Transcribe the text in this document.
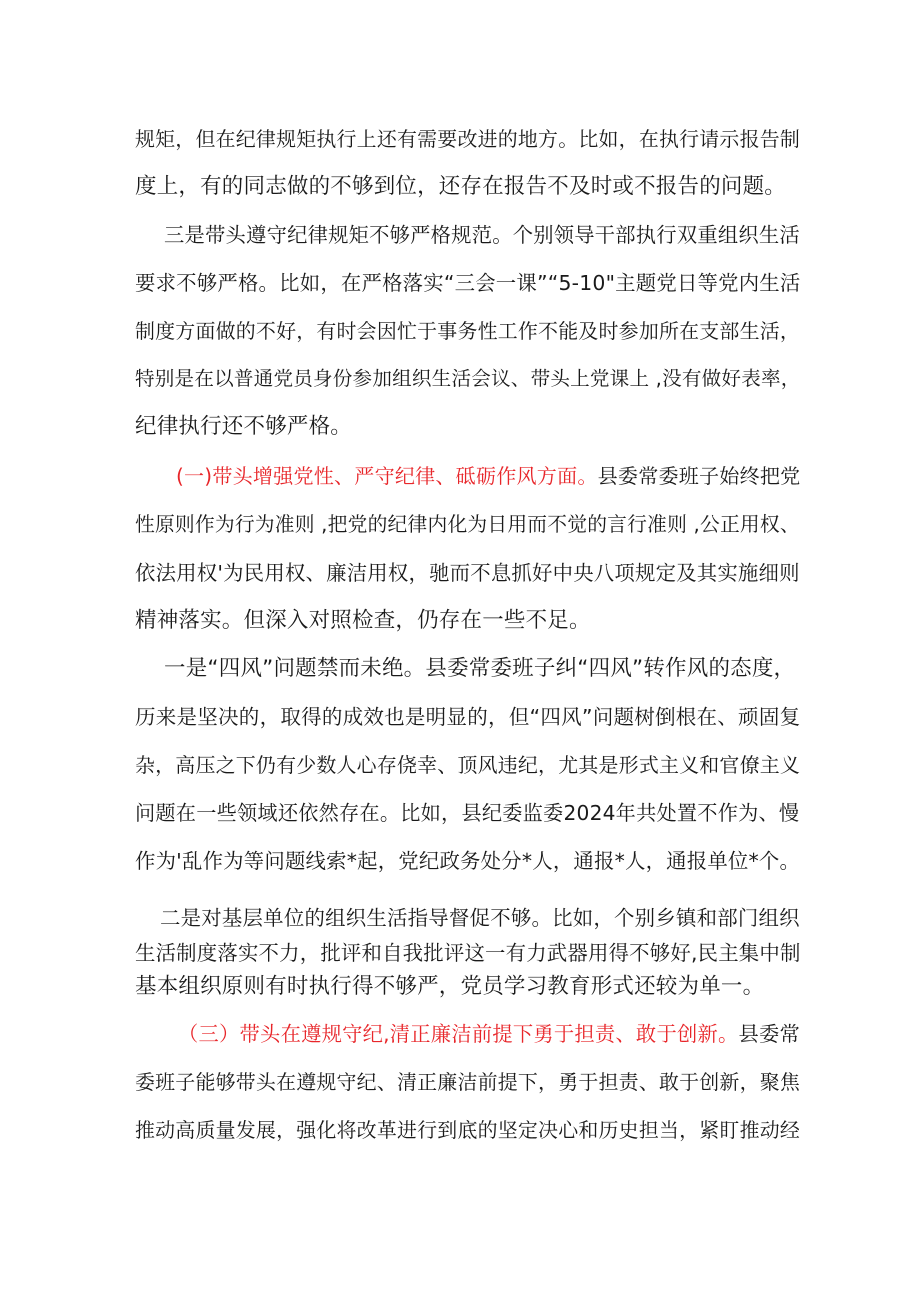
规矩，但在纪律规矩执行上还有需要改进的地方。比如，在执行请示报告制
度上，有的同志做的不够到位，还存在报告不及时或不报告的问题。
三是带头遵守纪律规矩不够严格规范。个别领导干部执行双重组织生活
要求不够严格。比如，在严格落实“三会一课”“5-10"主题党日等党内生活
制度方面做的不好，有时会因忙于事务性工作不能及时参加所在支部生活，
特别是在以普通党员身份参加组织生活会议、带头上党课上 ,没有做好表率，
纪律执行还不够严格。
(一)带头增强党性、严守纪律、砥砺作风方面。县委常委班子始终把党
性原则作为行为准则 ,把党的纪律内化为日用而不觉的言行准则 ,公正用权、
依法用权'为民用权、廉洁用权，驰而不息抓好中央八项规定及其实施细则
精神落实。但深入对照检查，仍存在一些不足。
一是“四风”问题禁而未绝。县委常委班子纠“四风”转作风的态度，
历来是坚决的，取得的成效也是明显的，但“四风”问题树倒根在、顽固复
杂，高压之下仍有少数人心存侥幸、顶风违纪，尤其是形式主义和官僚主义
问题在一些领域还依然存在。比如，县纪委监委2024年共处置不作为、慢
作为'乱作为等问题线索*起，党纪政务处分*人，通报*人，通报单位*个。
二是对基层单位的组织生活指导督促不够。比如，个别乡镇和部门组织
生活制度落实不力，批评和自我批评这一有力武器用得不够好,民主集中制
基本组织原则有时执行得不够严，党员学习教育形式还较为单一。
（三）带头在遵规守纪,清正廉洁前提下勇于担责、敢于创新。县委常
委班子能够带头在遵规守纪、清正廉洁前提下，勇于担责、敢于创新，聚焦
推动高质量发展，强化将改革进行到底的坚定决心和历史担当，紧盯推动经
